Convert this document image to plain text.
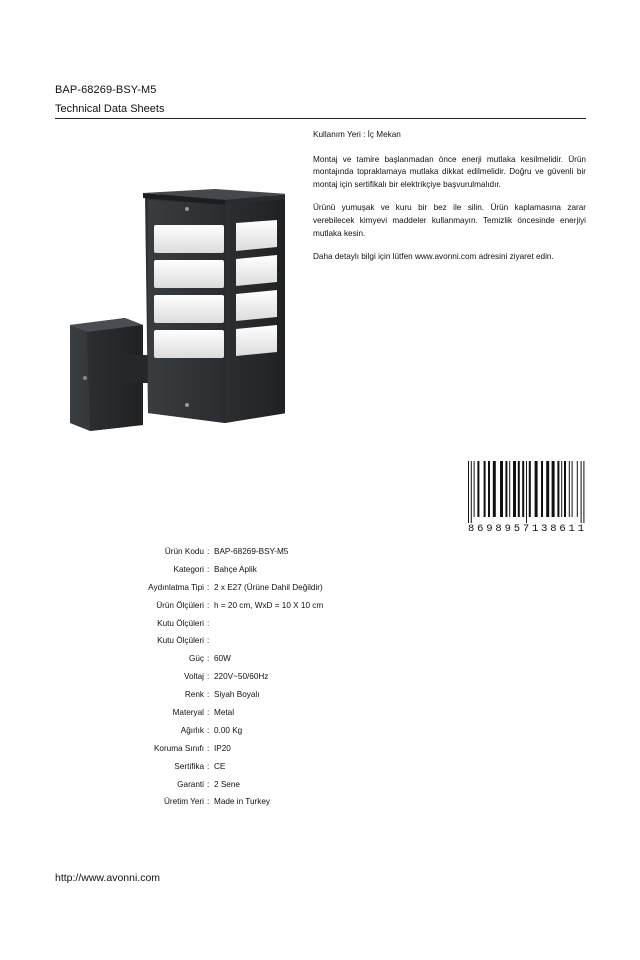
BAP-68269-BSY-M5
Technical Data Sheets

Kullanım Yeri : İç Mekan

Montaj ve tamire başlanmadan önce enerji mutlaka kesilmelidir. Ürün montajında topraklamaya mutlaka dikkat edilmelidir. Doğru ve güvenli bir montaj için sertifikalı bir elektrikçiye başvurulmalıdır.

Ürünü yumuşak ve kuru bir bez ile silin. Ürün kaplamasına zarar verebilecek kimyevi maddeler kullanmayın. Temizlik öncesinde enerjiyi mutlaka kesin.

Daha detaylı bilgi için lütfen www.avonni.com adresini ziyaret edin.

8698957138611
Ürün Kodu : BAP-68269-BSY-M5
Kategori : Bahçe Aplik
Aydınlatma Tipi : 2 x E27 (Ürüne Dahil Değildir)
Ürün Ölçüleri : h = 20 cm, WxD = 10 X 10 cm
Kutu Ölçüleri :
Kutu Ölçüleri :
Güç : 60W
Voltaj : 220V~50/60Hz
Renk : Siyah Boyalı
Materyal : Metal
Ağırlık : 0.00 Kg
Koruma Sınıfı : IP20
Sertifika : CE
Garanti : 2 Sene
Üretim Yeri : Made in Turkey
http://www.avonni.com
